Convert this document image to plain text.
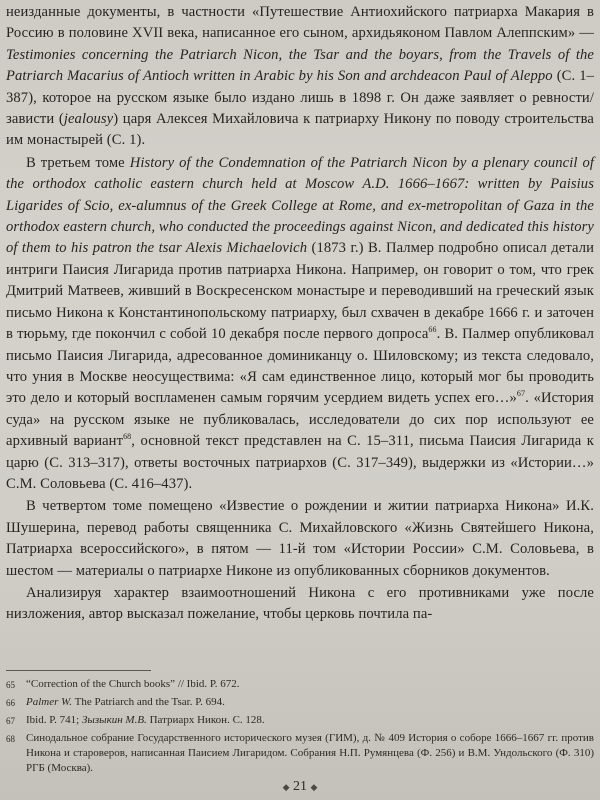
неизданные документы, в частности «Путешествие Антиохийского патриарха Макария в Россию в половине XVII века, написанное его сыном, архидьяконом Павлом Алеппским» — Testimonies concerning the Patriarch Nicon, the Tsar and the boyars, from the Travels of the Patriarch Macarius of Antioch written in Arabic by his Son and archdeacon Paul of Aleppo (С. 1–387), которое на русском языке было издано лишь в 1898 г. Он даже заявляет о ревности/зависти (jealousy) царя Алексея Михайловича к патриарху Никону по поводу строительства им монастырей (С. 1).

В третьем томе History of the Condemnation of the Patriarch Nicon by a plenary council of the orthodox catholic eastern church held at Moscow A.D. 1666–1667: written by Paisius Ligarides of Scio, ex-alumnus of the Greek College at Rome, and ex-metropolitan of Gaza in the orthodox eastern church, who conducted the proceedings against Nicon, and dedicated this history of them to his patron the tsar Alexis Michaelovich (1873 г.) В. Палмер подробно описал детали интриги Паисия Лигарида против патриарха Никона. Например, он говорит о том, что грек Дмитрий Матвеев, живший в Воскресенском монастыре и переводивший на греческий язык письмо Никона к Константинопольскому патриарху, был схвачен в декабре 1666 г. и заточен в тюрьму, где покончил с собой 10 декабря после первого допроса$^{66}$. В. Палмер опубликовал письмо Паисия Лигарида, адресованное доминиканцу о. Шиловскому; из текста следовало, что уния в Москве неосуществима: «Я сам единственное лицо, который мог бы проводить это дело и который воспламенен самым горячим усердием видеть успех его…»$^{67}$. «История суда» на русском языке не публиковалась, исследователи до сих пор используют ее архивный вариант$^{68}$, основной текст представлен на С. 15–311, письма Паисия Лигарида к царю (С. 313–317), ответы восточных патриархов (С. 317–349), выдержки из «Истории…» С.М. Соловьева (С. 416–437).

В четвертом томе помещено «Известие о рождении и житии патриарха Никона» И.К. Шушерина, перевод работы священника С. Михайловского «Жизнь Святейшего Никона, Патриарха всероссийского», в пятом — 11-й том «Истории России» С.М. Соловьева, в шестом — материалы о патриархе Никоне из опубликованных сборников документов.

Анализируя характер взаимоотношений Никона с его противниками уже после низложения, автор высказал пожелание, чтобы церковь почтила па-

65	“Correction of the Church books” // Ibid. P. 672.
66	Palmer W. The Patriarch and the Tsar. P. 694.
67	Ibid. P. 741; Зызыкин М.В. Патриарх Никон. С. 128.
68	Синодальное собрание Государственного исторического музея (ГИМ), д. № 409 История о соборе 1666–1667 гг. против Никона и староверов, написанная Паисием Лигаридом. Собрания Н.П. Румянцева (Ф. 256) и В.М. Ундольского (Ф. 310) РГБ (Москва).
◆ 21 ◆
